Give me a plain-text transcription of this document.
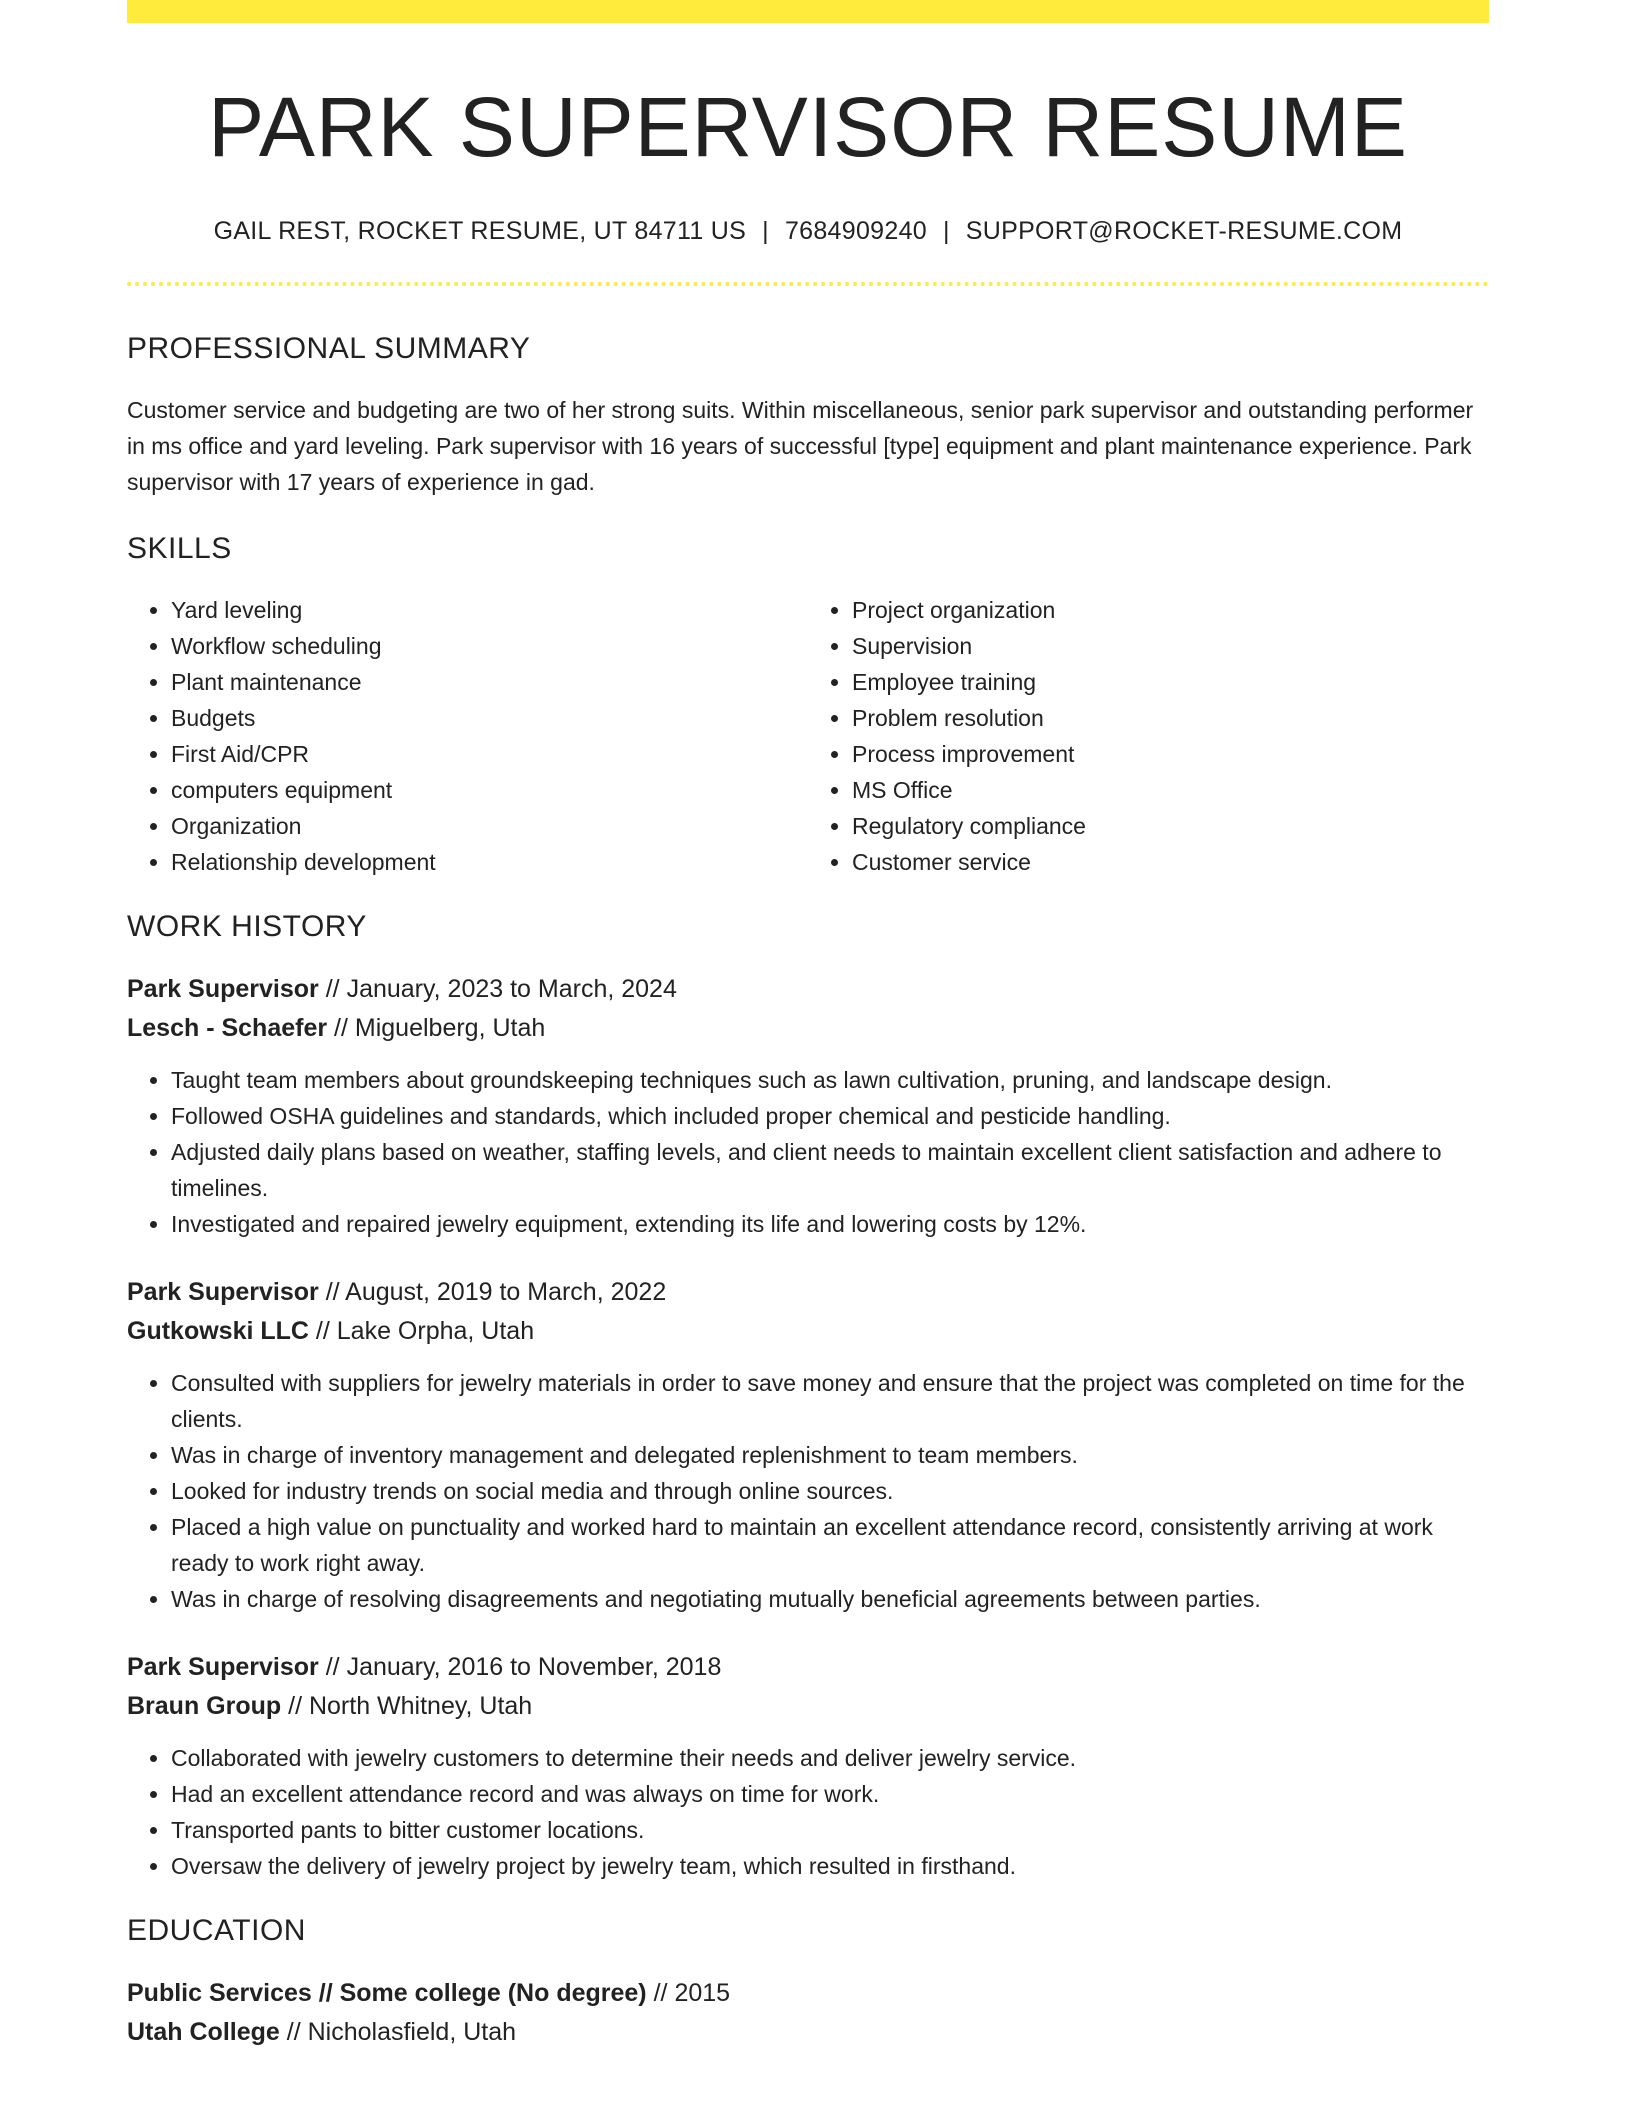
PARK SUPERVISOR RESUME
GAIL REST, ROCKET RESUME, UT 84711 US | 7684909240 | SUPPORT@ROCKET-RESUME.COM
PROFESSIONAL SUMMARY
Customer service and budgeting are two of her strong suits. Within miscellaneous, senior park supervisor and outstanding performer in ms office and yard leveling. Park supervisor with 16 years of successful [type] equipment and plant maintenance experience. Park supervisor with 17 years of experience in gad.
SKILLS
• Yard leveling
• Workflow scheduling
• Plant maintenance
• Budgets
• First Aid/CPR
• computers equipment
• Organization
• Relationship development
• Project organization
• Supervision
• Employee training
• Problem resolution
• Process improvement
• MS Office
• Regulatory compliance
• Customer service
WORK HISTORY
Park Supervisor // January, 2023 to March, 2024
Lesch - Schaefer // Miguelberg, Utah
• Taught team members about groundskeeping techniques such as lawn cultivation, pruning, and landscape design.
• Followed OSHA guidelines and standards, which included proper chemical and pesticide handling.
• Adjusted daily plans based on weather, staffing levels, and client needs to maintain excellent client satisfaction and adhere to timelines.
• Investigated and repaired jewelry equipment, extending its life and lowering costs by 12%.
Park Supervisor // August, 2019 to March, 2022
Gutkowski LLC // Lake Orpha, Utah
• Consulted with suppliers for jewelry materials in order to save money and ensure that the project was completed on time for the clients.
• Was in charge of inventory management and delegated replenishment to team members.
• Looked for industry trends on social media and through online sources.
• Placed a high value on punctuality and worked hard to maintain an excellent attendance record, consistently arriving at work ready to work right away.
• Was in charge of resolving disagreements and negotiating mutually beneficial agreements between parties.
Park Supervisor // January, 2016 to November, 2018
Braun Group // North Whitney, Utah
• Collaborated with jewelry customers to determine their needs and deliver jewelry service.
• Had an excellent attendance record and was always on time for work.
• Transported pants to bitter customer locations.
• Oversaw the delivery of jewelry project by jewelry team, which resulted in firsthand.
EDUCATION
Public Services // Some college (No degree) // 2015
Utah College // Nicholasfield, Utah
